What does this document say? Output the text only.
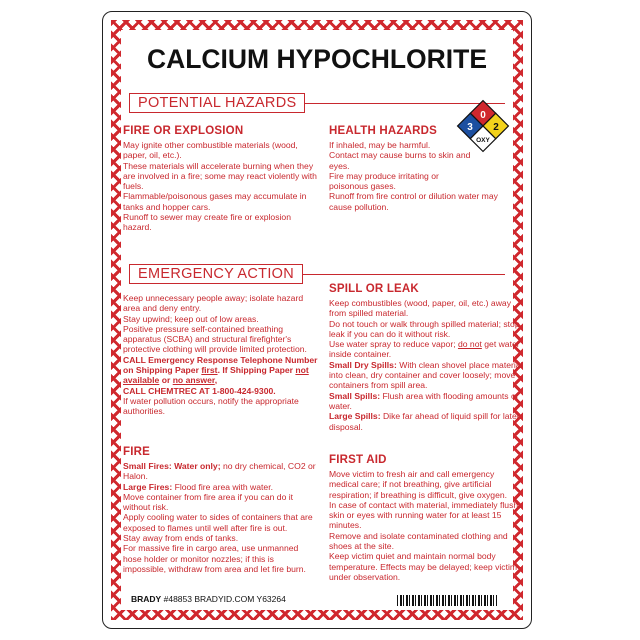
CALCIUM HYPOCHLORITE
POTENTIAL HAZARDS
FIRE OR EXPLOSION

May ignite other combustible materials (wood, paper, oil, etc.).

These materials will accelerate burning when they are involved in a fire; some may react violently with fuels.

Flammable/poisonous gases may accumulate in tanks and hopper cars.

Runoff to sewer may create fire or explosion hazard.

HEALTH HAZARDS

If inhaled, may be harmful.

Contact may cause burns to skin and eyes.

Fire may produce irritating or poisonous gases.

Runoff from fire control or dilution water may cause pollution.

0
3 2
OXY
EMERGENCY ACTION

Keep unnecessary people away; isolate hazard area and deny entry.

Stay upwind; keep out of low areas.

Positive pressure self-contained breathing apparatus (SCBA) and structural firefighter's protective clothing will provide limited protection.

CALL Emergency Response Telephone Number on Shipping Paper first. If Shipping Paper not available or no answer,

CALL CHEMTREC AT 1-800-424-9300.

If water pollution occurs, notify the appropriate authorities.

FIRE

Small Fires: Water only; no dry chemical, CO2 or Halon.

Large Fires: Flood fire area with water.

Move container from fire area if you can do it without risk.

Apply cooling water to sides of containers that are exposed to flames until well after fire is out.

Stay away from ends of tanks.

For massive fire in cargo area, use unmanned hose holder or monitor nozzles; if this is impossible, withdraw from area and let fire burn.

SPILL OR LEAK

Keep combustibles (wood, paper, oil, etc.) away from spilled material.

Do not touch or walk through spilled material; stop leak if you can do it without risk.

Use water spray to reduce vapor; do not get water inside container.

Small Dry Spills: With clean shovel place material into clean, dry container and cover loosely; move containers from spill area.

Small Spills: Flush area with flooding amounts of water.

Large Spills: Dike far ahead of liquid spill for later disposal.

FIRST AID

Move victim to fresh air and call emergency medical care; if not breathing, give artificial respiration; if breathing is difficult, give oxygen.

In case of contact with material, immediately flush skin or eyes with running water for at least 15 minutes.

Remove and isolate contaminated clothing and shoes at the site.

Keep victim quiet and maintain normal body temperature. Effects may be delayed; keep victim under observation.

BRADY #48853 BRADYID.COM Y63264
